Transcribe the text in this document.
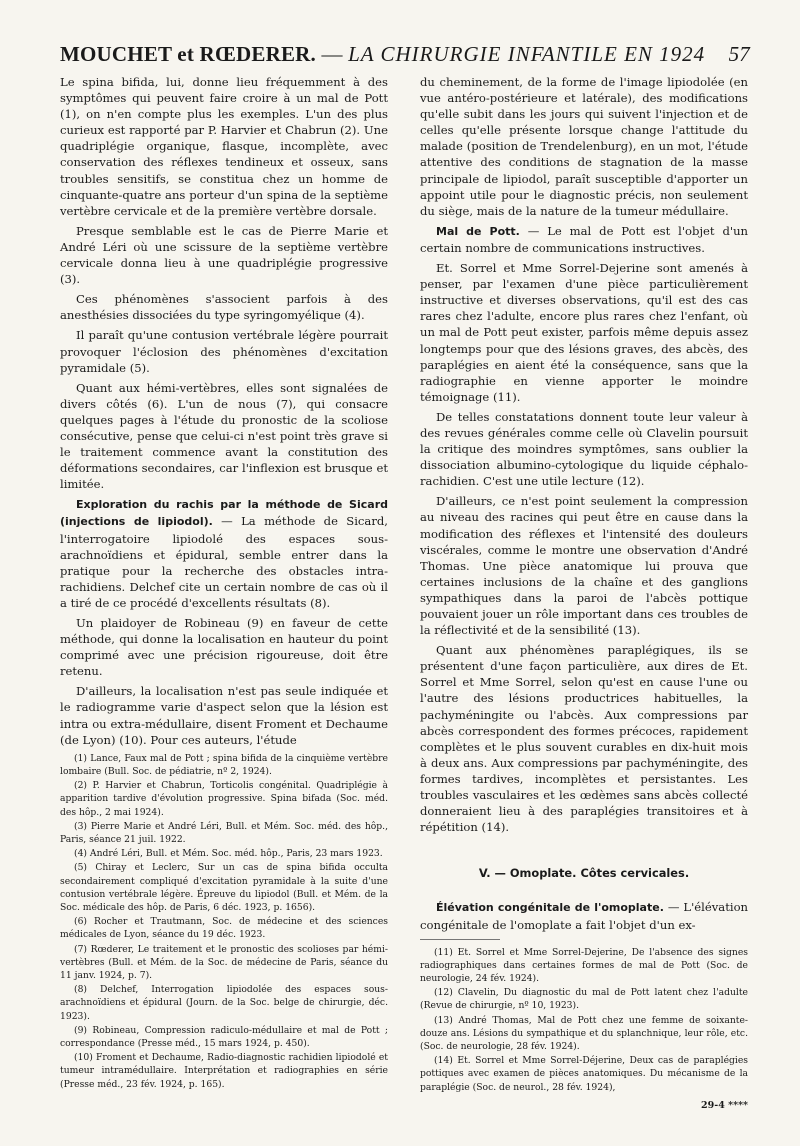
MOUCHET et RŒDERER. — LA CHIRURGIE INFANTILE EN 1924 57

Le spina bifida, lui, donne lieu fréquemment à des symptômes qui peuvent faire croire à un mal de Pott (1), on n'en compte plus les exemples. L'un des plus curieux est rapporté par P. Harvier et Chabrun (2). Une quadriplégie organique, flasque, incomplète, avec conservation des réflexes tendineux et osseux, sans troubles sensitifs, se constitua chez un homme de cinquante-quatre ans porteur d'un spina de la septième vertèbre cervicale et de la première vertèbre dorsale.

Presque semblable est le cas de Pierre Marie et André Léri où une scissure de la septième vertèbre cervicale donna lieu à une quadriplégie progressive (3).

Ces phénomènes s'associent parfois à des anesthésies dissociées du type syringomyélique (4).

Il paraît qu'une contusion vertébrale légère pourrait provoquer l'éclosion des phénomènes d'excitation pyramidale (5).

Quant aux hémi-vertèbres, elles sont signalées de divers côtés (6). L'un de nous (7), qui consacre quelques pages à l'étude du pronostic de la scoliose consécutive, pense que celui-ci n'est point très grave si le traitement commence avant la constitution des déformations secondaires, car l'inflexion est brusque et limitée.

Exploration du rachis par la méthode de Sicard (injections de lipiodol). — La méthode de Sicard, l'interrogatoire lipiodolé des espaces sous-arachnoïdiens et épidural, semble entrer dans la pratique pour la recherche des obstacles intra-rachidiens. Delchef cite un certain nombre de cas où il a tiré de ce procédé d'excellents résultats (8).

Un plaidoyer de Robineau (9) en faveur de cette méthode, qui donne la localisation en hauteur du point comprimé avec une précision rigoureuse, doit être retenu.

D'ailleurs, la localisation n'est pas seule indiquée et le radiogramme varie d'aspect selon que la lésion est intra ou extra-médullaire, disent Froment et Dechaume (de Lyon) (10). Pour ces auteurs, l'étude

(1) Lance, Faux mal de Pott ; spina bifida de la cinquième vertèbre lombaire (Bull. Soc. de pédiatrie, nº 2, 1924).

(2) P. Harvier et Chabrun, Torticolis congénital. Quadriplégie à apparition tardive d'évolution progressive. Spina bifada (Soc. méd. des hôp., 2 mai 1924).

(3) Pierre Marie et André Léri, Bull. et Mém. Soc. méd. des hôp., Paris, séance 21 juil. 1922.

(4) André Léri, Bull. et Mém. Soc. méd. hôp., Paris, 23 mars 1923.

(5) Chiray et Leclerc, Sur un cas de spina bifida occulta secondairement compliqué d'excitation pyramidale à la suite d'une contusion vertébrale légère. Épreuve du lipiodol (Bull. et Mém. de la Soc. médicale des hôp. de Paris, 6 déc. 1923, p. 1656).

(6) Rocher et Trautmann, Soc. de médecine et des sciences médicales de Lyon, séance du 19 déc. 1923.

(7) Rœderer, Le traitement et le pronostic des scolioses par hémi-vertèbres (Bull. et Mém. de la Soc. de médecine de Paris, séance du 11 janv. 1924, p. 7).

(8) Delchef, Interrogation lipiodolée des espaces sous-arachnoïdiens et épidural (Journ. de la Soc. belge de chirurgie, déc. 1923).

(9) Robineau, Compression radiculo-médullaire et mal de Pott ; correspondance (Presse méd., 15 mars 1924, p. 450).

(10) Froment et Dechaume, Radio-diagnostic rachidien lipiodolé et tumeur intramédullaire. Interprétation et radiographies en série (Presse méd., 23 fév. 1924, p. 165).

du cheminement, de la forme de l'image lipiodolée (en vue antéro-postérieure et latérale), des modifications qu'elle subit dans les jours qui suivent l'injection et de celles qu'elle présente lorsque change l'attitude du malade (position de Trendelenburg), en un mot, l'étude attentive des conditions de stagnation de la masse principale de lipiodol, paraît susceptible d'apporter un appoint utile pour le diagnostic précis, non seulement du siège, mais de la nature de la tumeur médullaire.

Mal de Pott. — Le mal de Pott est l'objet d'un certain nombre de communications instructives.

Et. Sorrel et Mme Sorrel-Dejerine sont amenés à penser, par l'examen d'une pièce particulièrement instructive et diverses observations, qu'il est des cas rares chez l'adulte, encore plus rares chez l'enfant, où un mal de Pott peut exister, parfois même depuis assez longtemps pour que des lésions graves, des abcès, des paraplégies en aient été la conséquence, sans que la radiographie en vienne apporter le moindre témoignage (11).

De telles constatations donnent toute leur valeur à des revues générales comme celle où Clavelin poursuit la critique des moindres symptômes, sans oublier la dissociation albumino-cytologique du liquide céphalo-rachidien. C'est une utile lecture (12).

D'ailleurs, ce n'est point seulement la compression au niveau des racines qui peut être en cause dans la modification des réflexes et l'intensité des douleurs viscérales, comme le montre une observation d'André Thomas. Une pièce anatomique lui prouva que certaines inclusions de la chaîne et des ganglions sympathiques dans la paroi de l'abcès pottique pouvaient jouer un rôle important dans ces troubles de la réflectivité et de la sensibilité (13).

Quant aux phénomènes paraplégiques, ils se présentent d'une façon particulière, aux dires de Et. Sorrel et Mme Sorrel, selon qu'est en cause l'une ou l'autre des lésions productrices habituelles, la pachyméningite ou l'abcès. Aux compressions par abcès correspondent des formes précoces, rapidement complètes et le plus souvent curables en dix-huit mois à deux ans. Aux compressions par pachyméningite, des formes tardives, incomplètes et persistantes. Les troubles vasculaires et les œdèmes sans abcès collecté donneraient lieu à des paraplégies transitoires et à répétition (14).

V. — Omoplate. Côtes cervicales.

Élévation congénitale de l'omoplate. — L'élévation congénitale de l'omoplate a fait l'objet d'un ex-

(11) Et. Sorrel et Mme Sorrel-Dejerine, De l'absence des signes radiographiques dans certaines formes de mal de Pott (Soc. de neurologie, 24 fév. 1924).

(12) Clavelin, Du diagnostic du mal de Pott latent chez l'adulte (Revue de chirurgie, nº 10, 1923).

(13) André Thomas, Mal de Pott chez une femme de soixante-douze ans. Lésions du sympathique et du splanchnique, leur rôle, etc. (Soc. de neurologie, 28 fév. 1924).

(14) Et. Sorrel et Mme Sorrel-Déjerine, Deux cas de paraplégies pottiques avec examen de pièces anatomiques. Du mécanisme de la paraplégie (Soc. de neurol., 28 fév. 1924),

29-4 ****
